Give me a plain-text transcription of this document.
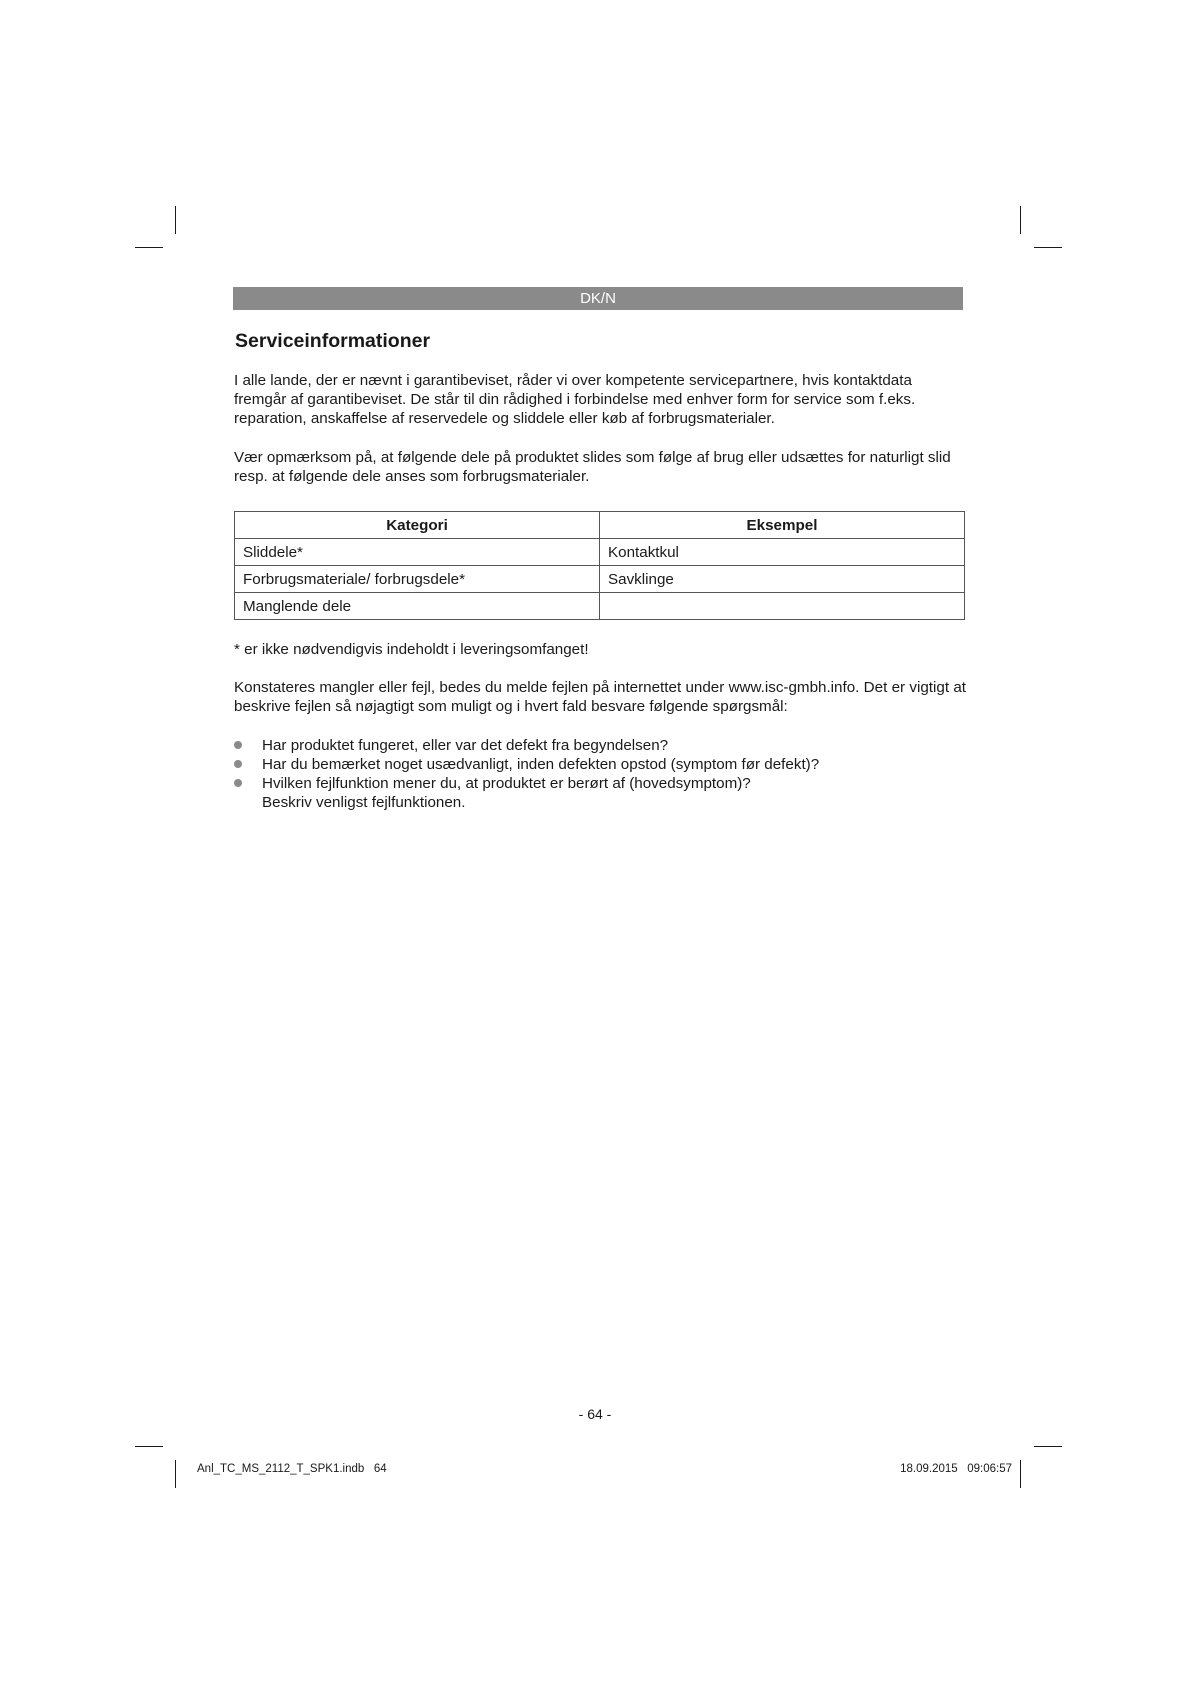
DK/N
Serviceinformationer

I alle lande, der er nævnt i garantibeviset, råder vi over kompetente servicepartnere, hvis kontaktdata fremgår af garantibeviset. De står til din rådighed i forbindelse med enhver form for service som f.eks. reparation, anskaffelse af reservedele og sliddele eller køb af forbrugsmaterialer.

Vær opmærksom på, at følgende dele på produktet slides som følge af brug eller udsættes for naturligt slid resp. at følgende dele anses som forbrugsmaterialer.

Kategori	Eksempel
Sliddele*	Kontaktkul
Forbrugsmateriale/ forbrugsdele*	Savklinge
Manglende dele	

* er ikke nødvendigvis indeholdt i leveringsomfanget!

Konstateres mangler eller fejl, bedes du melde fejlen på internettet under www.isc-gmbh.info. Det er vigtigt at beskrive fejlen så nøjagtigt som muligt og i hvert fald besvare følgende spørgsmål:

Har produktet fungeret, eller var det defekt fra begyndelsen?
Har du bemærket noget usædvanligt, inden defekten opstod (symptom før defekt)?
Hvilken fejlfunktion mener du, at produktet er berørt af (hovedsymptom)?
Beskriv venligst fejlfunktionen.
- 64 -
Anl_TC_MS_2112_T_SPK1.indb   64	18.09.2015   09:06:57
